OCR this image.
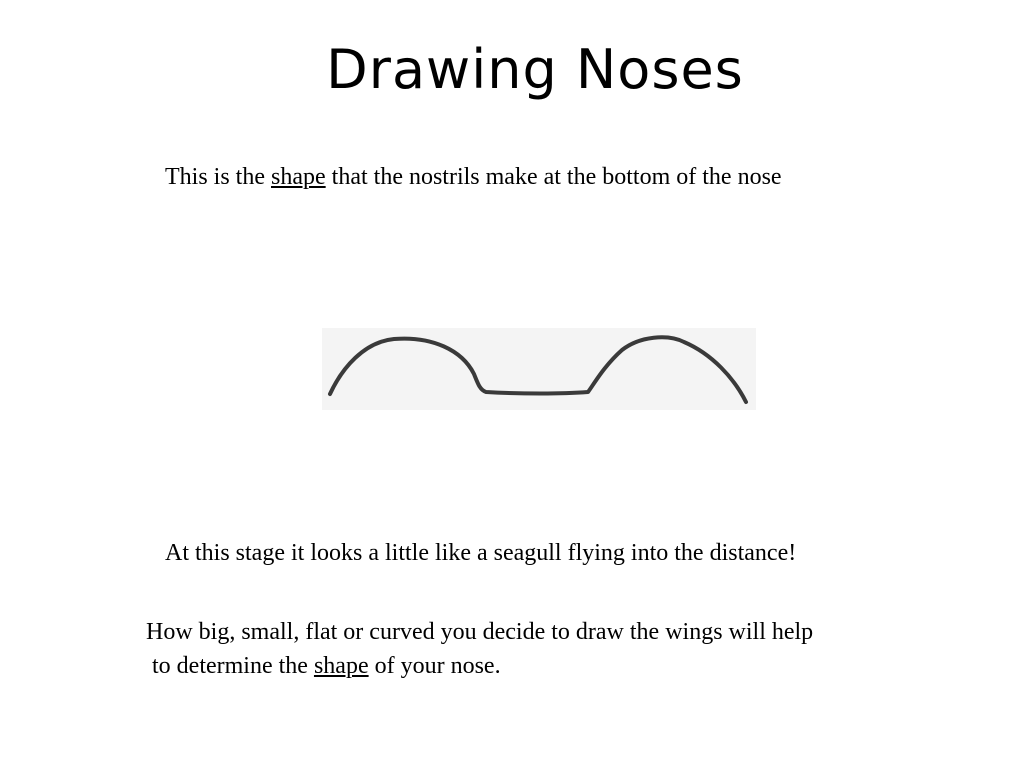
Drawing Noses

This is the shape that the nostrils make at the bottom of the nose

At this stage it looks a little like a seagull flying into the distance!

How big, small, flat or curved you decide to draw the wings will help
to determine the shape of your nose.
